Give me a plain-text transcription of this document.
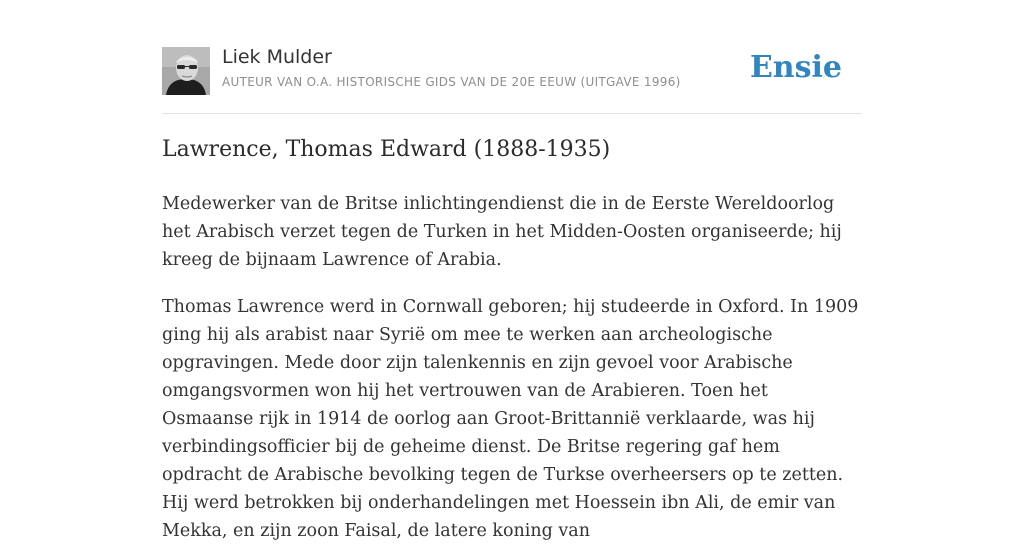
Liek Mulder
AUTEUR VAN O.A. HISTORISCHE GIDS VAN DE 20E EEUW (UITGAVE 1996) Ensie
Lawrence, Thomas Edward (1888-1935)

Medewerker van de Britse inlichtingendienst die in de Eerste Wereldoorlog het Arabisch verzet tegen de Turken in het Midden-Oosten organiseerde; hij kreeg de bijnaam Lawrence of Arabia.

Thomas Lawrence werd in Cornwall geboren; hij studeerde in Oxford. In 1909 ging hij als arabist naar Syrië om mee te werken aan archeologische opgravingen. Mede door zijn talenkennis en zijn gevoel voor Arabische omgangsvormen won hij het vertrouwen van de Arabieren. Toen het Osmaanse rijk in 1914 de oorlog aan Groot-Brittannië verklaarde, was hij verbindingsofficier bij de geheime dienst. De Britse regering gaf hem opdracht de Arabische bevolking tegen de Turkse overheersers op te zetten. Hij werd betrokken bij onderhandelingen met Hoessein ibn Ali, de emir van Mekka, en zijn zoon Faisal, de latere koning van
